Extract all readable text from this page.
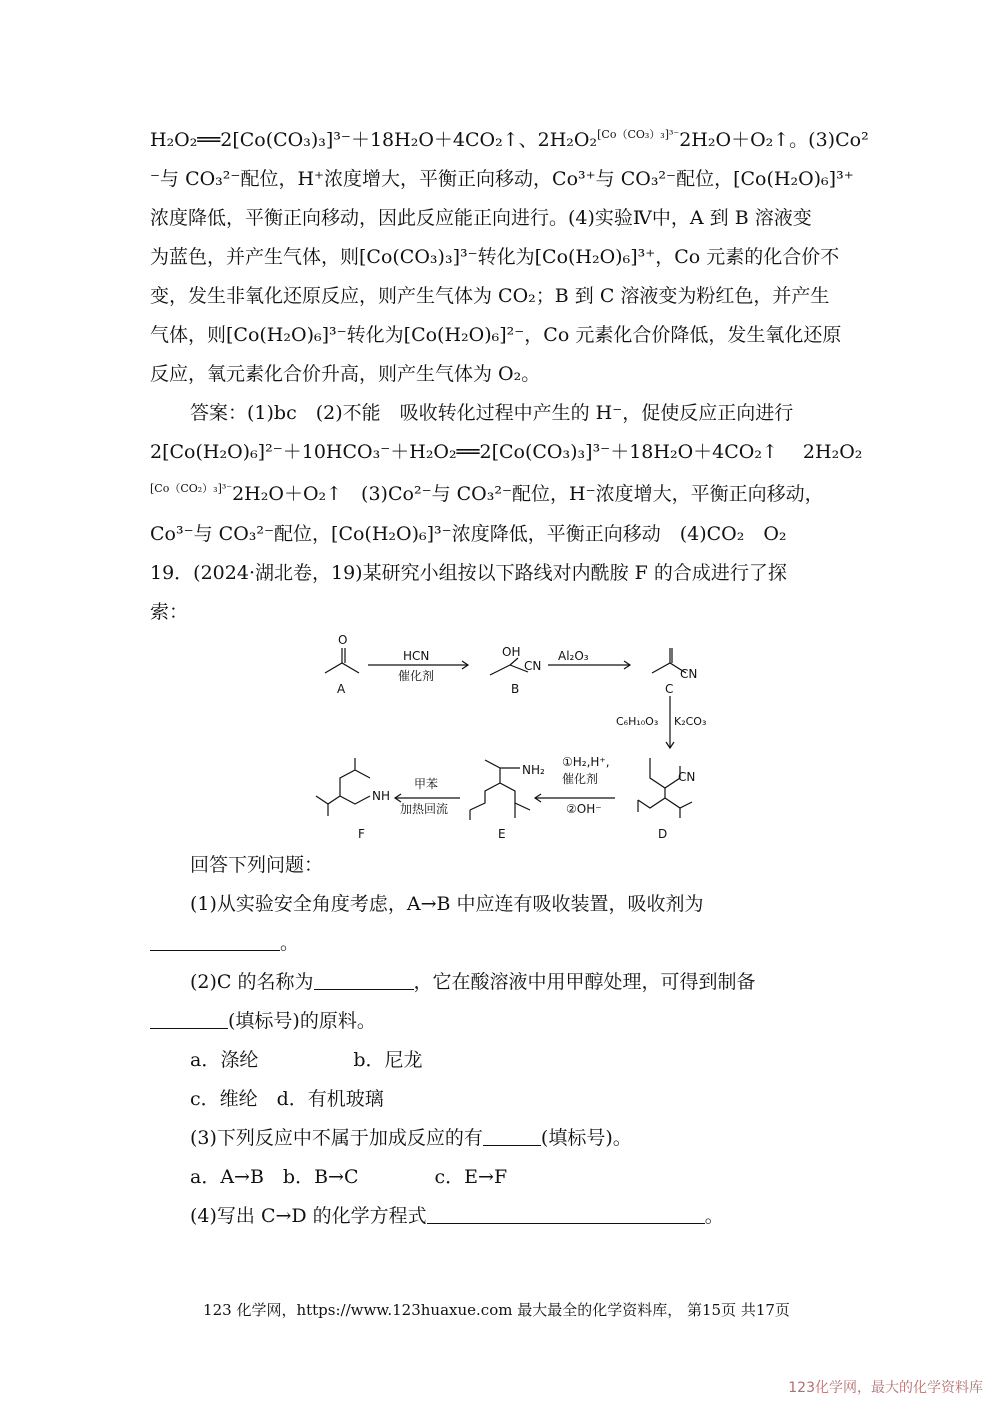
H₂O₂══2[Co(CO₃)₃]³⁻＋18H₂O＋4CO₂↑、2H₂O₂$^{[Co(CO_3)_3]^{3-}}$2H₂O＋O₂↑。(3)Co²
⁻与 CO₃²⁻配位，H⁺浓度增大，平衡正向移动，Co³⁺与 CO₃²⁻配位，[Co(H₂O)₆]³⁺
浓度降低，平衡正向移动，因此反应能正向进行。(4)实验Ⅳ中，A 到 B 溶液变
为蓝色，并产生气体，则[Co(CO₃)₃]³⁻转化为[Co(H₂O)₆]³⁺，Co 元素的化合价不
变，发生非氧化还原反应，则产生气体为 CO₂；B 到 C 溶液变为粉红色，并产生
气体，则[Co(H₂O)₆]³⁻转化为[Co(H₂O)₆]²⁻，Co 元素化合价降低，发生氧化还原
反应，氧元素化合价升高，则产生气体为 O₂。
答案：(1)bc　(2)不能　吸收转化过程中产生的 H⁻，促使反应正向进行
2[Co(H₂O)₆]²⁻＋10HCO₃⁻＋H₂O₂══2[Co(CO₃)₃]³⁻＋18H₂O＋4CO₂↑　 2H₂O₂
$^{[Co(CO_2)_3]^{3-}}$2H₂O＋O₂↑　(3)Co²⁻与 CO₃²⁻配位，H⁻浓度增大，平衡正向移动，
Co³⁻与 CO₃²⁻配位，[Co(H₂O)₆]³⁻浓度降低，平衡正向移动　(4)CO₂　O₂
19．(2024·湖北卷，19)某研究小组按以下路线对内酰胺 F 的合成进行了探
索：
A
O
HCN
催化剂
OH
CN
B
Al₂O₃
CN
C
C₆H₁₀O₃ K₂CO₃
CN
D
①H₂,H⁺,
催化剂
②OH⁻
NH₂
E
甲苯
加热回流
NH
F
回答下列问题：
(1)从实验安全角度考虑，A→B 中应连有吸收装置，吸收剂为
。
(2)C 的名称为	，它在酸溶液中用甲醇处理，可得到制备
(填标号)的原料。
a．涤纶　　　　　b．尼龙
c．维纶　d．有机玻璃
(3)下列反应中不属于加成反应的有	(填标号)。
a．A→B　b．B→C　　　　c．E→F
(4)写出 C→D 的化学方程式	。
123 化学网，https://www.123huaxue.com 最大最全的化学资料库， 第15页 共17页
123化学网，最大的化学资料库
